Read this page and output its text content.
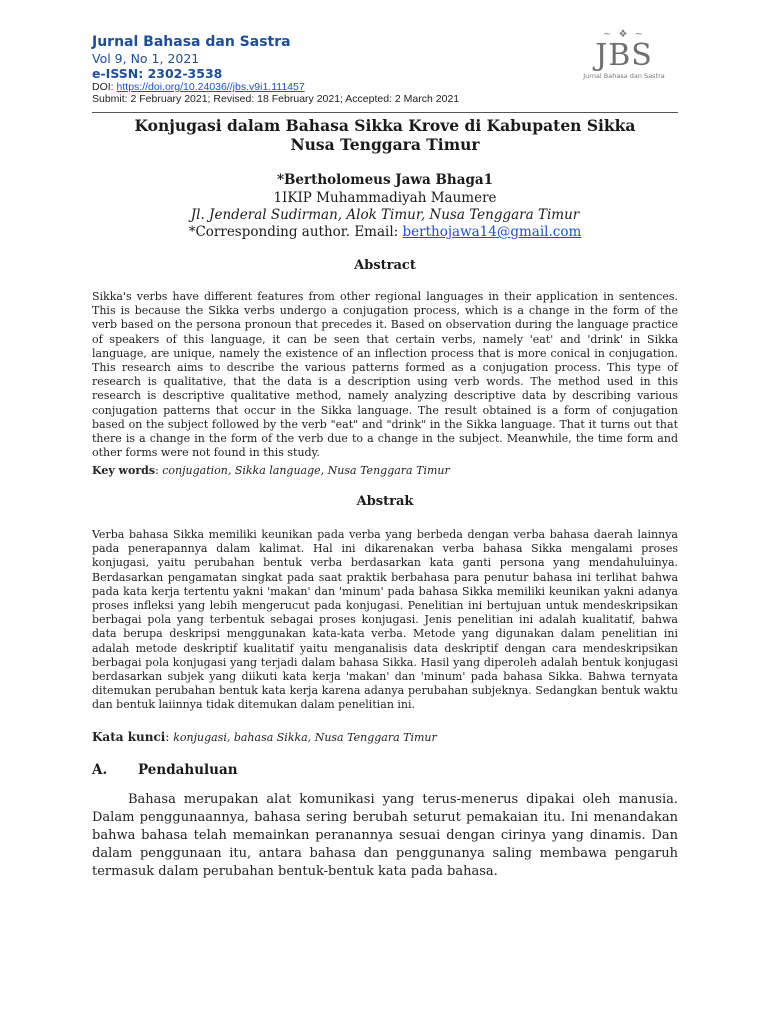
Jurnal Bahasa dan Sastra
Vol 9, No 1, 2021
e-ISSN: 2302-3538
DOI: https://doi.org/10.24036//jbs.v9i1.111457
Submit: 2 February 2021; Revised: 18 February 2021; Accepted: 2 March 2021
~ ❖ ~
JBS
Jurnal Bahasa dan Sastra
Konjugasi dalam Bahasa Sikka Krove di Kabupaten Sikka
Nusa Tenggara Timur
*Bertholomeus Jawa Bhaga1
1IKIP Muhammadiyah Maumere
Jl. Jenderal Sudirman, Alok Timur, Nusa Tenggara Timur
*Corresponding author. Email: berthojawa14@gmail.com
Abstract
Sikka's verbs have different features from other regional languages in their application in sentences. This is because the Sikka verbs undergo a conjugation process, which is a change in the form of the verb based on the persona pronoun that precedes it. Based on observation during the language practice of speakers of this language, it can be seen that certain verbs, namely 'eat' and 'drink' in Sikka language, are unique, namely the existence of an inflection process that is more conical in conjugation. This research aims to describe the various patterns formed as a conjugation process. This type of research is qualitative, that the data is a description using verb words. The method used in this research is descriptive qualitative method, namely analyzing descriptive data by describing various conjugation patterns that occur in the Sikka language. The result obtained is a form of conjugation based on the subject followed by the verb "eat" and "drink" in the Sikka language. That it turns out that there is a change in the form of the verb due to a change in the subject. Meanwhile, the time form and other forms were not found in this study.
Key words: conjugation, Sikka language, Nusa Tenggara Timur
Abstrak
Verba bahasa Sikka memiliki keunikan pada verba yang berbeda dengan verba bahasa daerah lainnya pada penerapannya dalam kalimat. Hal ini dikarenakan verba bahasa Sikka mengalami proses konjugasi, yaitu perubahan bentuk verba berdasarkan kata ganti persona yang mendahuluinya. Berdasarkan pengamatan singkat pada saat praktik berbahasa para penutur bahasa ini terlihat bahwa pada kata kerja tertentu yakni 'makan' dan 'minum' pada bahasa Sikka memiliki keunikan yakni adanya proses infleksi yang lebih mengerucut pada konjugasi. Penelitian ini bertujuan untuk mendeskripsikan berbagai pola yang terbentuk sebagai proses konjugasi. Jenis penelitian ini adalah kualitatif, bahwa data berupa deskripsi menggunakan kata-kata verba. Metode yang digunakan dalam penelitian ini adalah metode deskriptif kualitatif yaitu menganalisis data deskriptif dengan cara mendeskripsikan berbagai pola konjugasi yang terjadi dalam bahasa Sikka. Hasil yang diperoleh adalah bentuk konjugasi berdasarkan subjek yang diikuti kata kerja 'makan' dan 'minum' pada bahasa Sikka. Bahwa ternyata ditemukan perubahan bentuk kata kerja karena adanya perubahan subjeknya. Sedangkan bentuk waktu dan bentuk laiinnya tidak ditemukan dalam penelitian ini.
Kata kunci: konjugasi, bahasa Sikka, Nusa Tenggara Timur
A. Pendahuluan
Bahasa merupakan alat komunikasi yang terus-menerus dipakai oleh manusia. Dalam penggunaannya, bahasa sering berubah seturut pemakaian itu. Ini menandakan bahwa bahasa telah memainkan peranannya sesuai dengan cirinya yang dinamis. Dan dalam penggunaan itu, antara bahasa dan penggunanya saling membawa pengaruh termasuk dalam perubahan bentuk-bentuk kata pada bahasa.
